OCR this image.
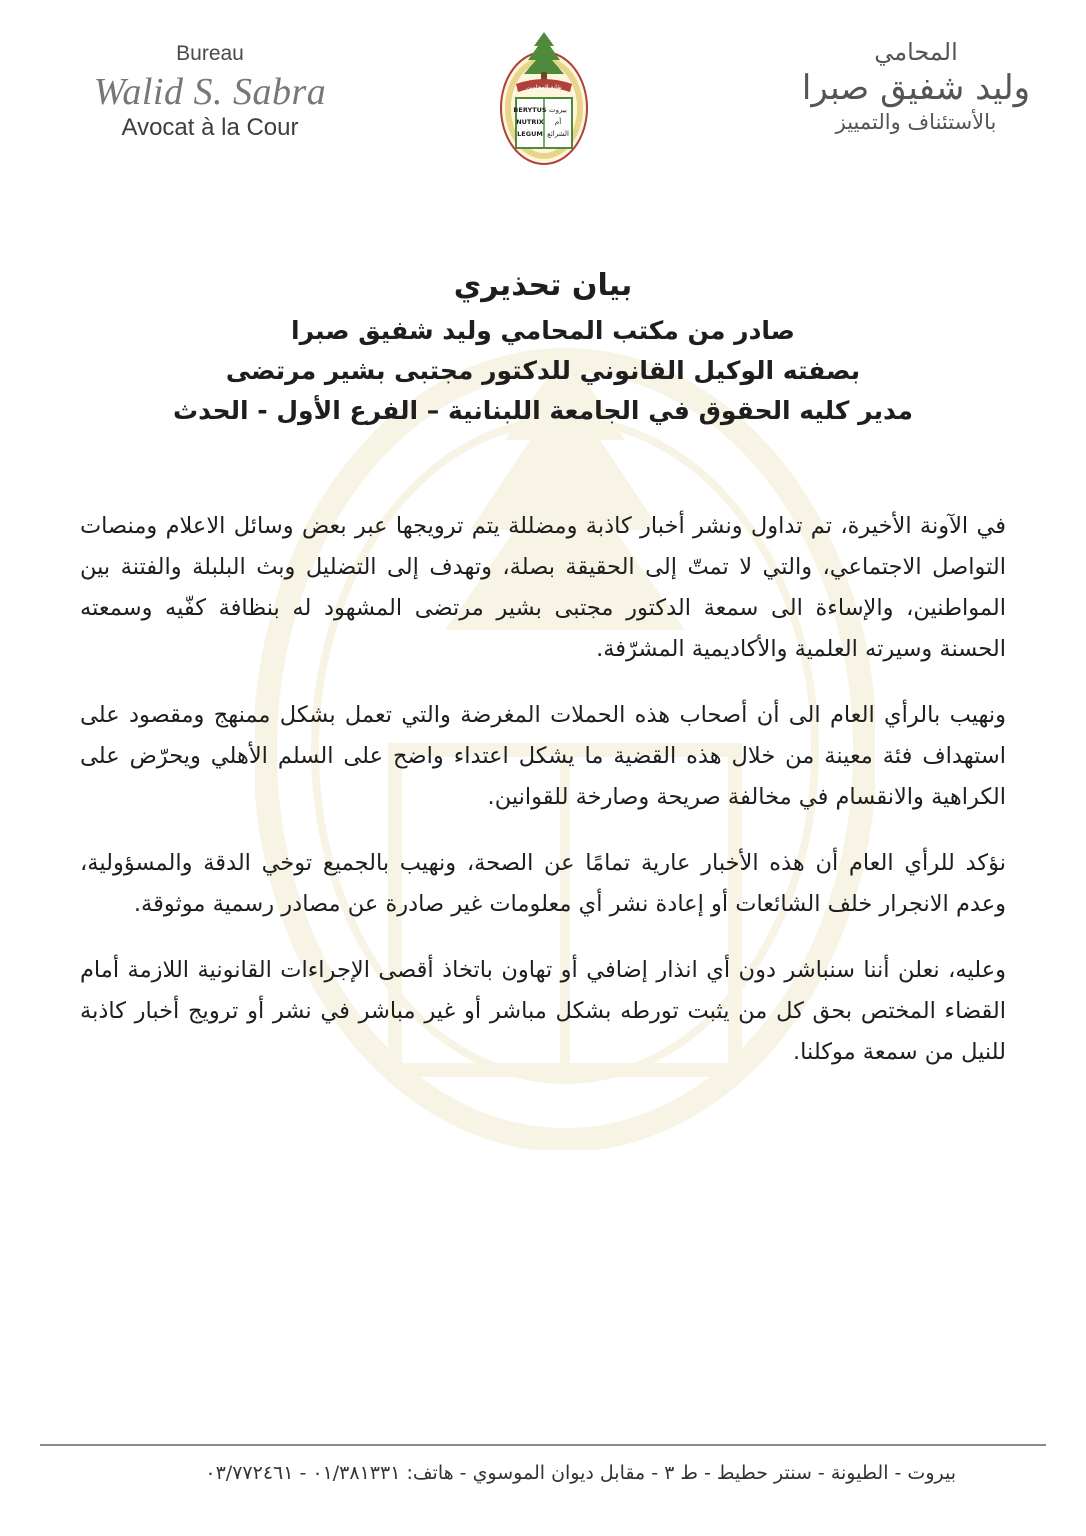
Bureau
Walid S. Sabra
Avocat à la Cour
نقابة المحامين
BERYTUS
NUTRIX
LEGUM
بيروت
أم
الشرائع
المحامي
وليد شفيق صبرا
بالأستئناف والتمييز
بيان تحذيري
صادر من مكتب المحامي وليد شفيق صبرا
بصفته الوكيل القانوني للدكتور مجتبى بشير مرتضى
مدير كليه الحقوق في الجامعة اللبنانية – الفرع الأول - الحدث

في الآونة الأخيرة، تم تداول ونشر أخبار كاذبة ومضللة يتم ترويجها عبر بعض وسائل الاعلام ومنصات التواصل الاجتماعي، والتي لا تمتّ إلى الحقيقة بصلة، وتهدف إلى التضليل وبث البلبلة والفتنة بين المواطنين، والإساءة الى سمعة الدكتور مجتبى بشير مرتضى المشهود له بنظافة كفّيه وسمعته الحسنة وسيرته العلمية والأكاديمية المشرّفة.

ونهيب بالرأي العام الى أن أصحاب هذه الحملات المغرضة والتي تعمل بشكل ممنهج ومقصود على استهداف فئة معينة من خلال هذه القضية ما يشكل اعتداء واضح على السلم الأهلي ويحرّض على الكراهية والانقسام في مخالفة صريحة وصارخة للقوانين.

نؤكد للرأي العام أن هذه الأخبار عارية تمامًا عن الصحة، ونهيب بالجميع توخي الدقة والمسؤولية، وعدم الانجرار خلف الشائعات أو إعادة نشر أي معلومات غير صادرة عن مصادر رسمية موثوقة.

وعليه، نعلن أننا سنباشر دون أي انذار إضافي أو تهاون باتخاذ أقصى الإجراءات القانونية اللازمة أمام القضاء المختص بحق كل من يثبت تورطه بشكل مباشر أو غير مباشر في نشر أو ترويج أخبار كاذبة للنيل من سمعة موكلنا.

بيروت - الطيونة - سنتر حطيط - ط ٣ - مقابل ديوان الموسوي - هاتف: ٠١/٣٨١٣٣١ - ٠٣/٧٧٢٤٦١
